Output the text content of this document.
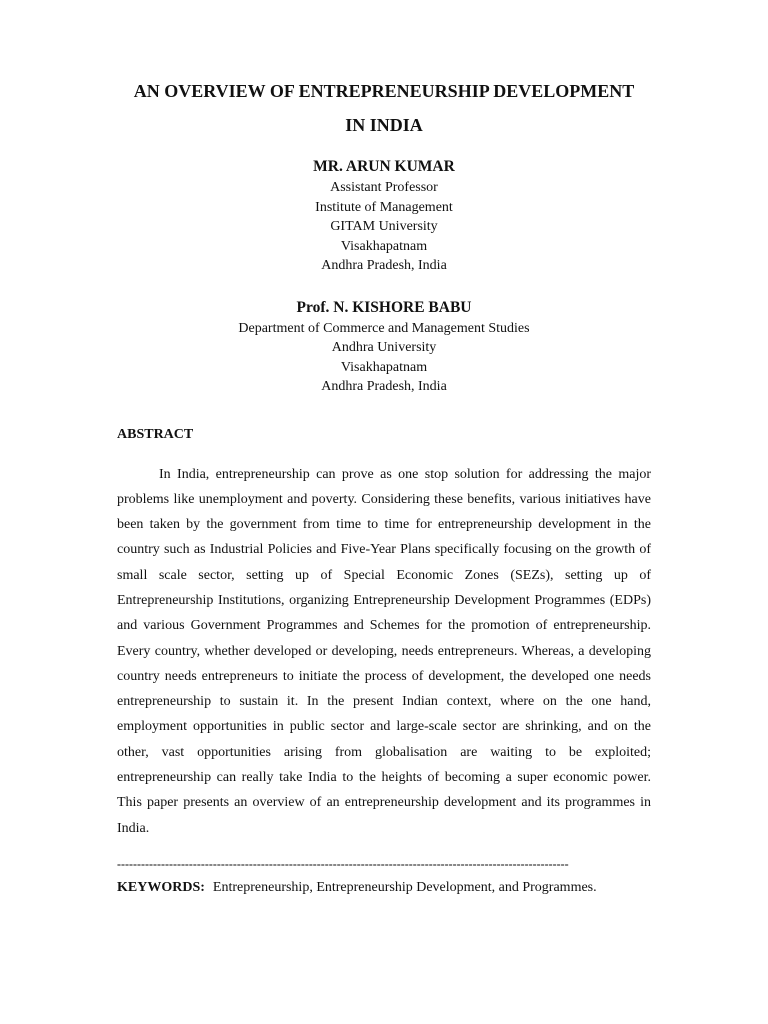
AN OVERVIEW OF ENTREPRENEURSHIP DEVELOPMENT
IN INDIA

MR. ARUN KUMAR

Assistant Professor

Institute of Management

GITAM University

Visakhapatnam

Andhra Pradesh, India

Prof. N. KISHORE BABU

Department of Commerce and Management Studies

Andhra University

Visakhapatnam

Andhra Pradesh, India

ABSTRACT

In India, entrepreneurship can prove as one stop solution for addressing the major problems like unemployment and poverty. Considering these benefits, various initiatives have been taken by the government from time to time for entrepreneurship development in the country such as Industrial Policies and Five-Year Plans specifically focusing on the growth of small scale sector, setting up of Special Economic Zones (SEZs), setting up of Entrepreneurship Institutions, organizing Entrepreneurship Development Programmes (EDPs) and various Government Programmes and Schemes for the promotion of entrepreneurship. Every country, whether developed or developing, needs entrepreneurs. Whereas, a developing country needs entrepreneurs to initiate the process of development, the developed one needs entrepreneurship to sustain it. In the present Indian context, where on the one hand, employment opportunities in public sector and large-scale sector are shrinking, and on the other, vast opportunities arising from globalisation are waiting to be exploited; entrepreneurship can really take India to the heights of becoming a super economic power. This paper presents an overview of an entrepreneurship development and its programmes in India.

-----------------------------------------------------------------------------------------------------------------

KEYWORDS: Entrepreneurship, Entrepreneurship Development, and Programmes.
